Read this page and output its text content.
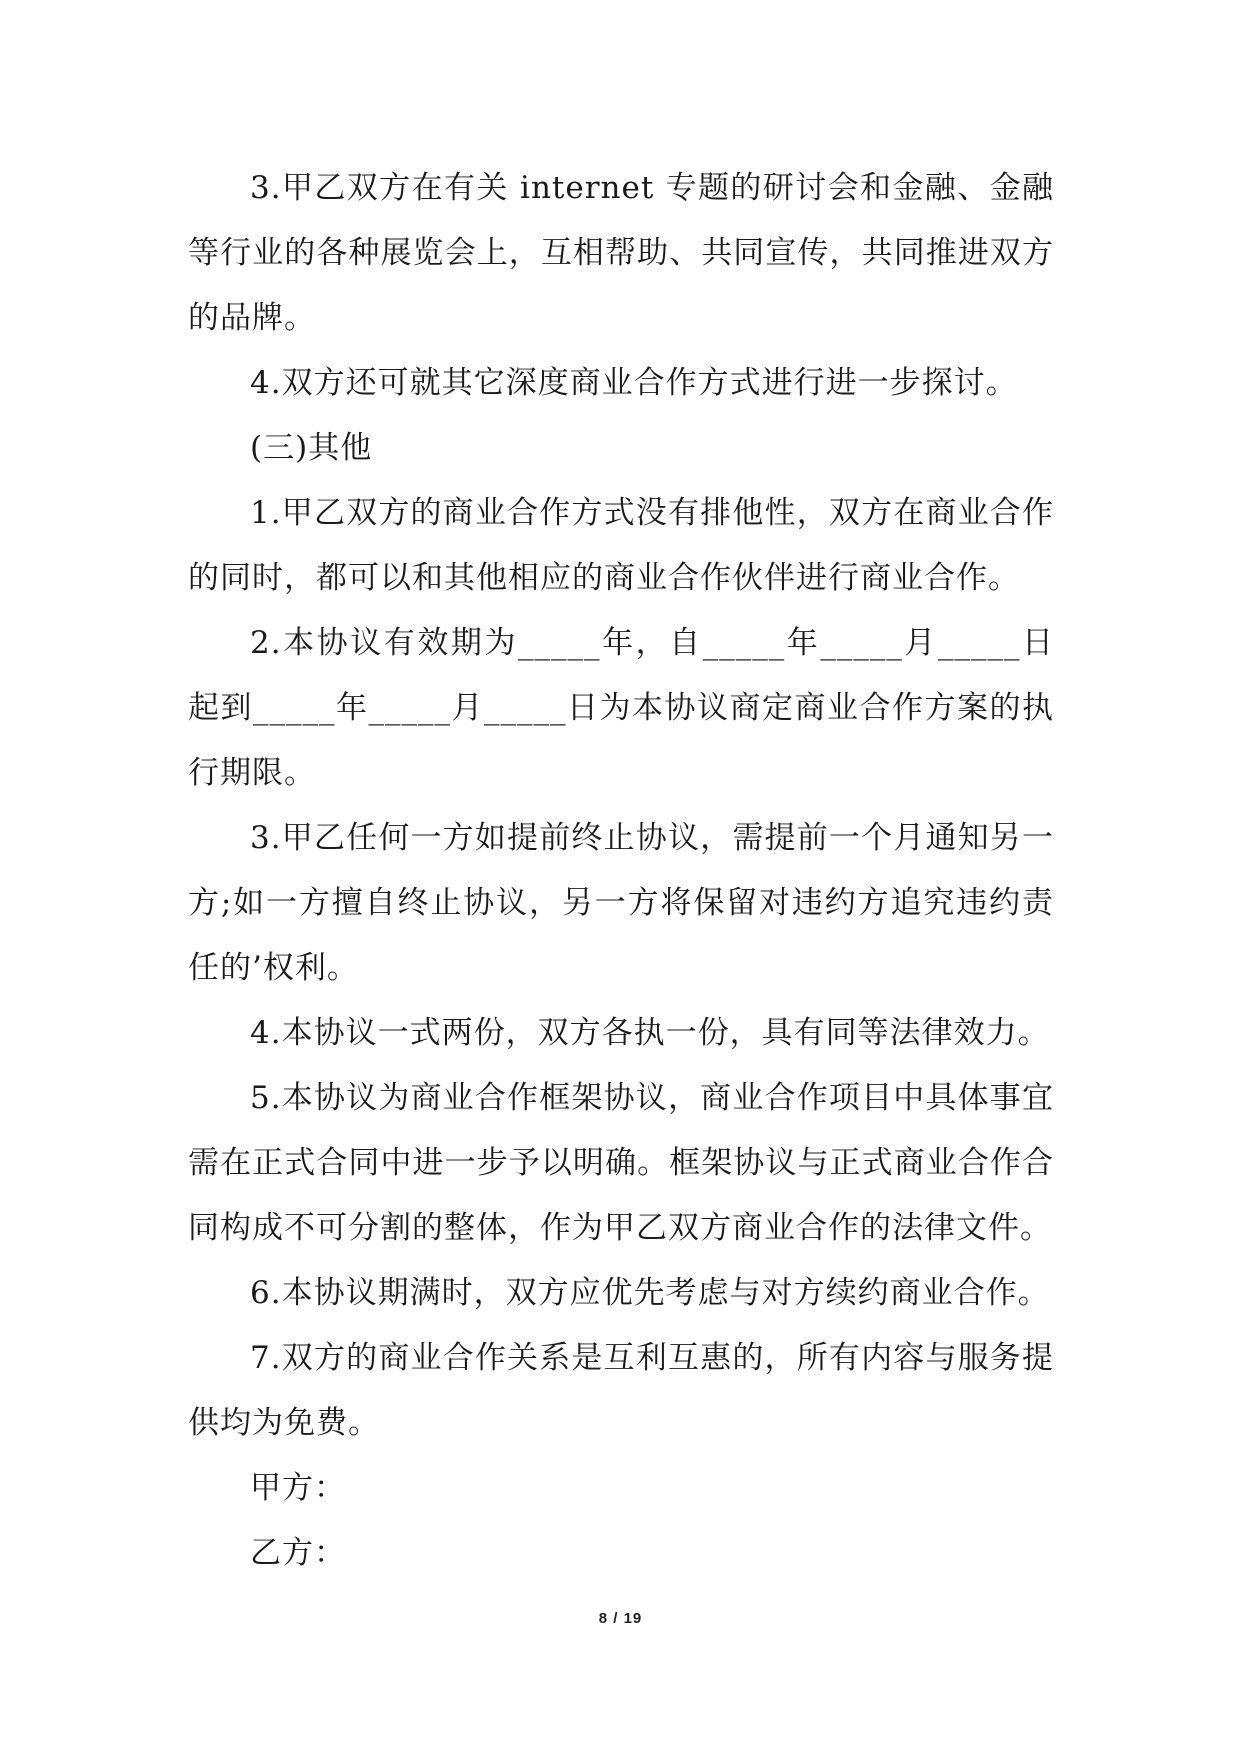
3.甲乙双方在有关 internet 专题的研讨会和金融、金融等行业的各种展览会上，互相帮助、共同宣传，共同推进双方的品牌。

4.双方还可就其它深度商业合作方式进行进一步探讨。

(三)其他

1.甲乙双方的商业合作方式没有排他性，双方在商业合作的同时，都可以和其他相应的商业合作伙伴进行商业合作。

2.本协议有效期为_____年，自_____年_____月_____日起到_____年_____月_____日为本协议商定商业合作方案的执行期限。

3.甲乙任何一方如提前终止协议，需提前一个月通知另一方;如一方擅自终止协议，另一方将保留对违约方追究违约责任的’权利。

4.本协议一式两份，双方各执一份，具有同等法律效力。

5.本协议为商业合作框架协议，商业合作项目中具体事宜需在正式合同中进一步予以明确。框架协议与正式商业合作合同构成不可分割的整体，作为甲乙双方商业合作的法律文件。

6.本协议期满时，双方应优先考虑与对方续约商业合作。

7.双方的商业合作关系是互利互惠的，所有内容与服务提供均为免费。

甲方：

乙方：

8 / 19
